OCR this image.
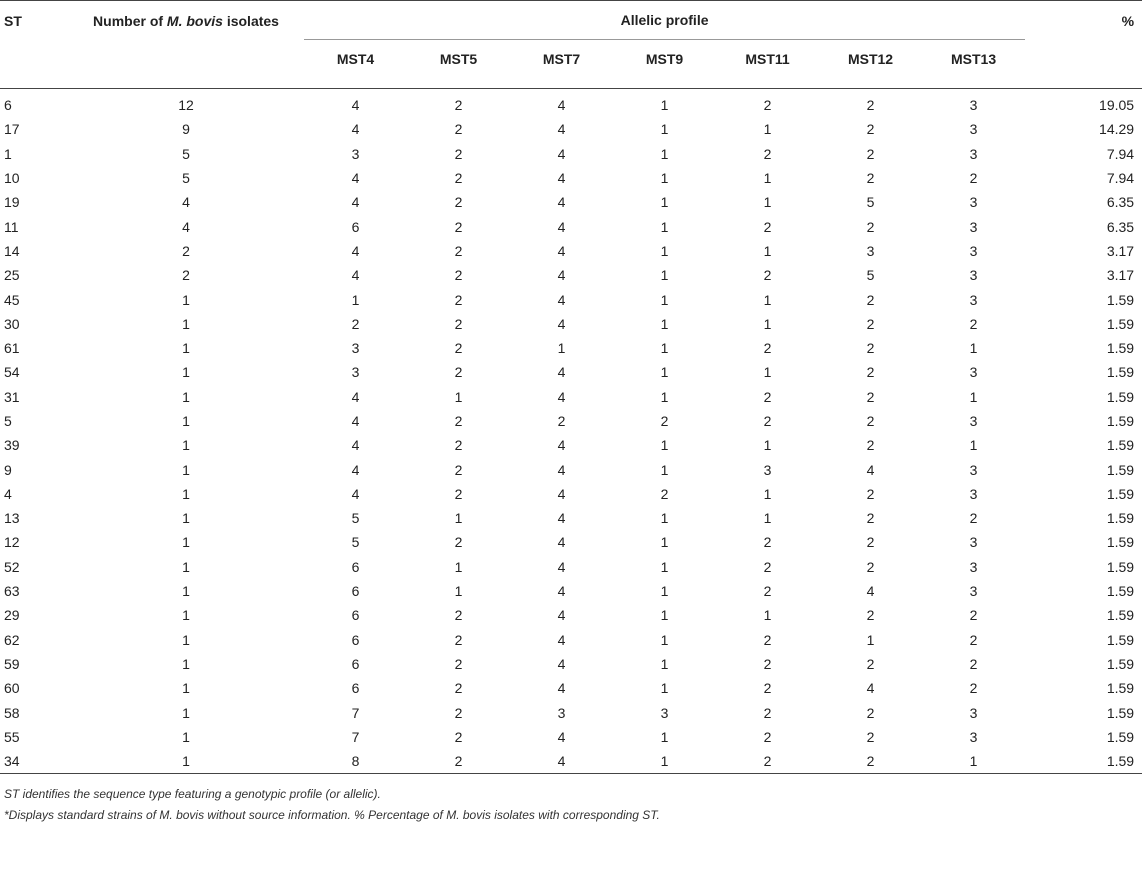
ST	Number of M. bovis isolates	Allelic profile							%
		MST4	MST5	MST7	MST9	MST11	MST12	MST13	

6	12	4	2	4	1	2	2	3	19.05
17	9	4	2	4	1	1	2	3	14.29
1	5	3	2	4	1	2	2	3	7.94
10	5	4	2	4	1	1	2	2	7.94
19	4	4	2	4	1	1	5	3	6.35
11	4	6	2	4	1	2	2	3	6.35
14	2	4	2	4	1	1	3	3	3.17
25	2	4	2	4	1	2	5	3	3.17
45	1	1	2	4	1	1	2	3	1.59
30	1	2	2	4	1	1	2	2	1.59
61	1	3	2	1	1	2	2	1	1.59
54	1	3	2	4	1	1	2	3	1.59
31	1	4	1	4	1	2	2	1	1.59
5	1	4	2	2	2	2	2	3	1.59
39	1	4	2	4	1	1	2	1	1.59
9	1	4	2	4	1	3	4	3	1.59
4	1	4	2	4	2	1	2	3	1.59
13	1	5	1	4	1	1	2	2	1.59
12	1	5	2	4	1	2	2	3	1.59
52	1	6	1	4	1	2	2	3	1.59
63	1	6	1	4	1	2	4	3	1.59
29	1	6	2	4	1	1	2	2	1.59
62	1	6	2	4	1	2	1	2	1.59
59	1	6	2	4	1	2	2	2	1.59
60	1	6	2	4	1	2	4	2	1.59
58	1	7	2	3	3	2	2	3	1.59
55	1	7	2	4	1	2	2	3	1.59
34	1	8	2	4	1	2	2	1	1.59
ST identifies the sequence type featuring a genotypic profile (or allelic).
*Displays standard strains of M. bovis without source information. % Percentage of M. bovis isolates with corresponding ST.
